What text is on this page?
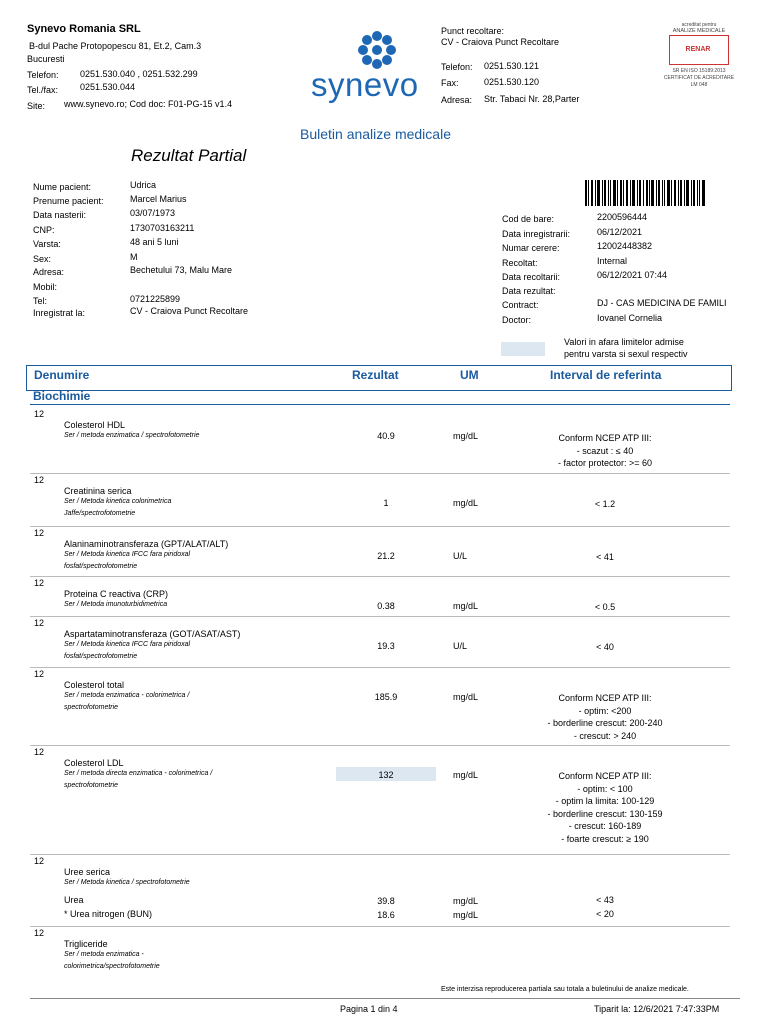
Synevo Romania SRL
B-dul Pache Protopopescu 81, Et.2, Cam.3
Bucuresti
Telefon: 0251.530.040 , 0251.532.299
Tel./fax: 0251.530.044
Site: www.synevo.ro; Cod doc: F01-PG-15 v1.4
synevo
Punct recoltare:
CV - Craiova Punct Recoltare
Telefon: 0251.530.121
Fax:	0251.530.120
Adresa: Str. Tabaci Nr. 28,Parter
acreditat pentru
ANALIZE MEDICALE
RENAR
SR EN ISO 15189:2013
CERTIFICAT DE ACREDITARE
LM 048
Buletin analize medicale
Rezultat Partial
Nume pacient:	Udrica
Prenume pacient:	Marcel Marius
Data nasterii:	03/07/1973
CNP:	1730703163211
Varsta:	48 ani 5 luni
Sex:	M
Adresa:	Bechetului 73, Malu Mare
Mobil:
Tel:	0721225899
Inregistrat la:	CV - Craiova Punct Recoltare
Cod de bare:	2200596444
Data inregistrarii:	06/12/2021
Numar cerere:	12002448382
Recoltat:	Internal
Data recoltarii:	06/12/2021 07:44
Data rezultat:
Contract:	DJ - CAS MEDICINA DE FAMILI
Doctor:	Iovanel Cornelia
Valori in afara limitelor admise
pentru varsta si sexul respectiv
Denumire	Rezultat	UM	Interval de referinta
Biochimie
12
Colesterol HDL
Ser / metoda enzimatica / spectrofotometrie	40.9	mg/dL	Conform NCEP ATP III:
- scazut : ≤ 40
- factor protector: >= 60
12
Creatinina serica
Ser / Metoda kinetica colorimetrica
Jaffe/spectrofotometrie
1	mg/dL	< 1.2
12
Alaninaminotransferaza (GPT/ALAT/ALT)
Ser / Metoda kinetica IFCC fara piridoxal
fosfat/spectrofotometrie
21.2	U/L	< 41
12
Proteina C reactiva (CRP)
Ser / Metoda imunoturbidimetrica	0.38	mg/dL	< 0.5
12
Aspartataminotransferaza (GOT/ASAT/AST)
Ser / Metoda kinetica IFCC fara piridoxal
fosfat/spectrofotometrie
19.3	U/L	< 40
12
Colesterol total
Ser / metoda enzimatica - colorimetrica /
spectrofotometrie
185.9	mg/dL	Conform NCEP ATP III:
- optim: <200
- borderline crescut: 200-240
- crescut: > 240
12
Colesterol LDL
Ser / metoda directa enzimatica - colorimetrica /
spectrofotometrie
132	mg/dL	Conform NCEP ATP III:
- optim: < 100
- optim la limita: 100-129
- borderline crescut: 130-159
- crescut: 160-189
- foarte crescut: ≥ 190
12
Uree serica
Ser / Metoda kinetica / spectrofotometrie
Urea	39.8	mg/dL	< 43
* Urea nitrogen (BUN)	18.6	mg/dL	< 20
12
Trigliceride
Ser / metoda enzimatica -
colorimetrica/spectrofotometrie
Este interzisa reproducerea partiala sau totala a buletinului de analize medicale.
Pagina 1 din 4	Tiparit la: 12/6/2021 7:47:33PM
